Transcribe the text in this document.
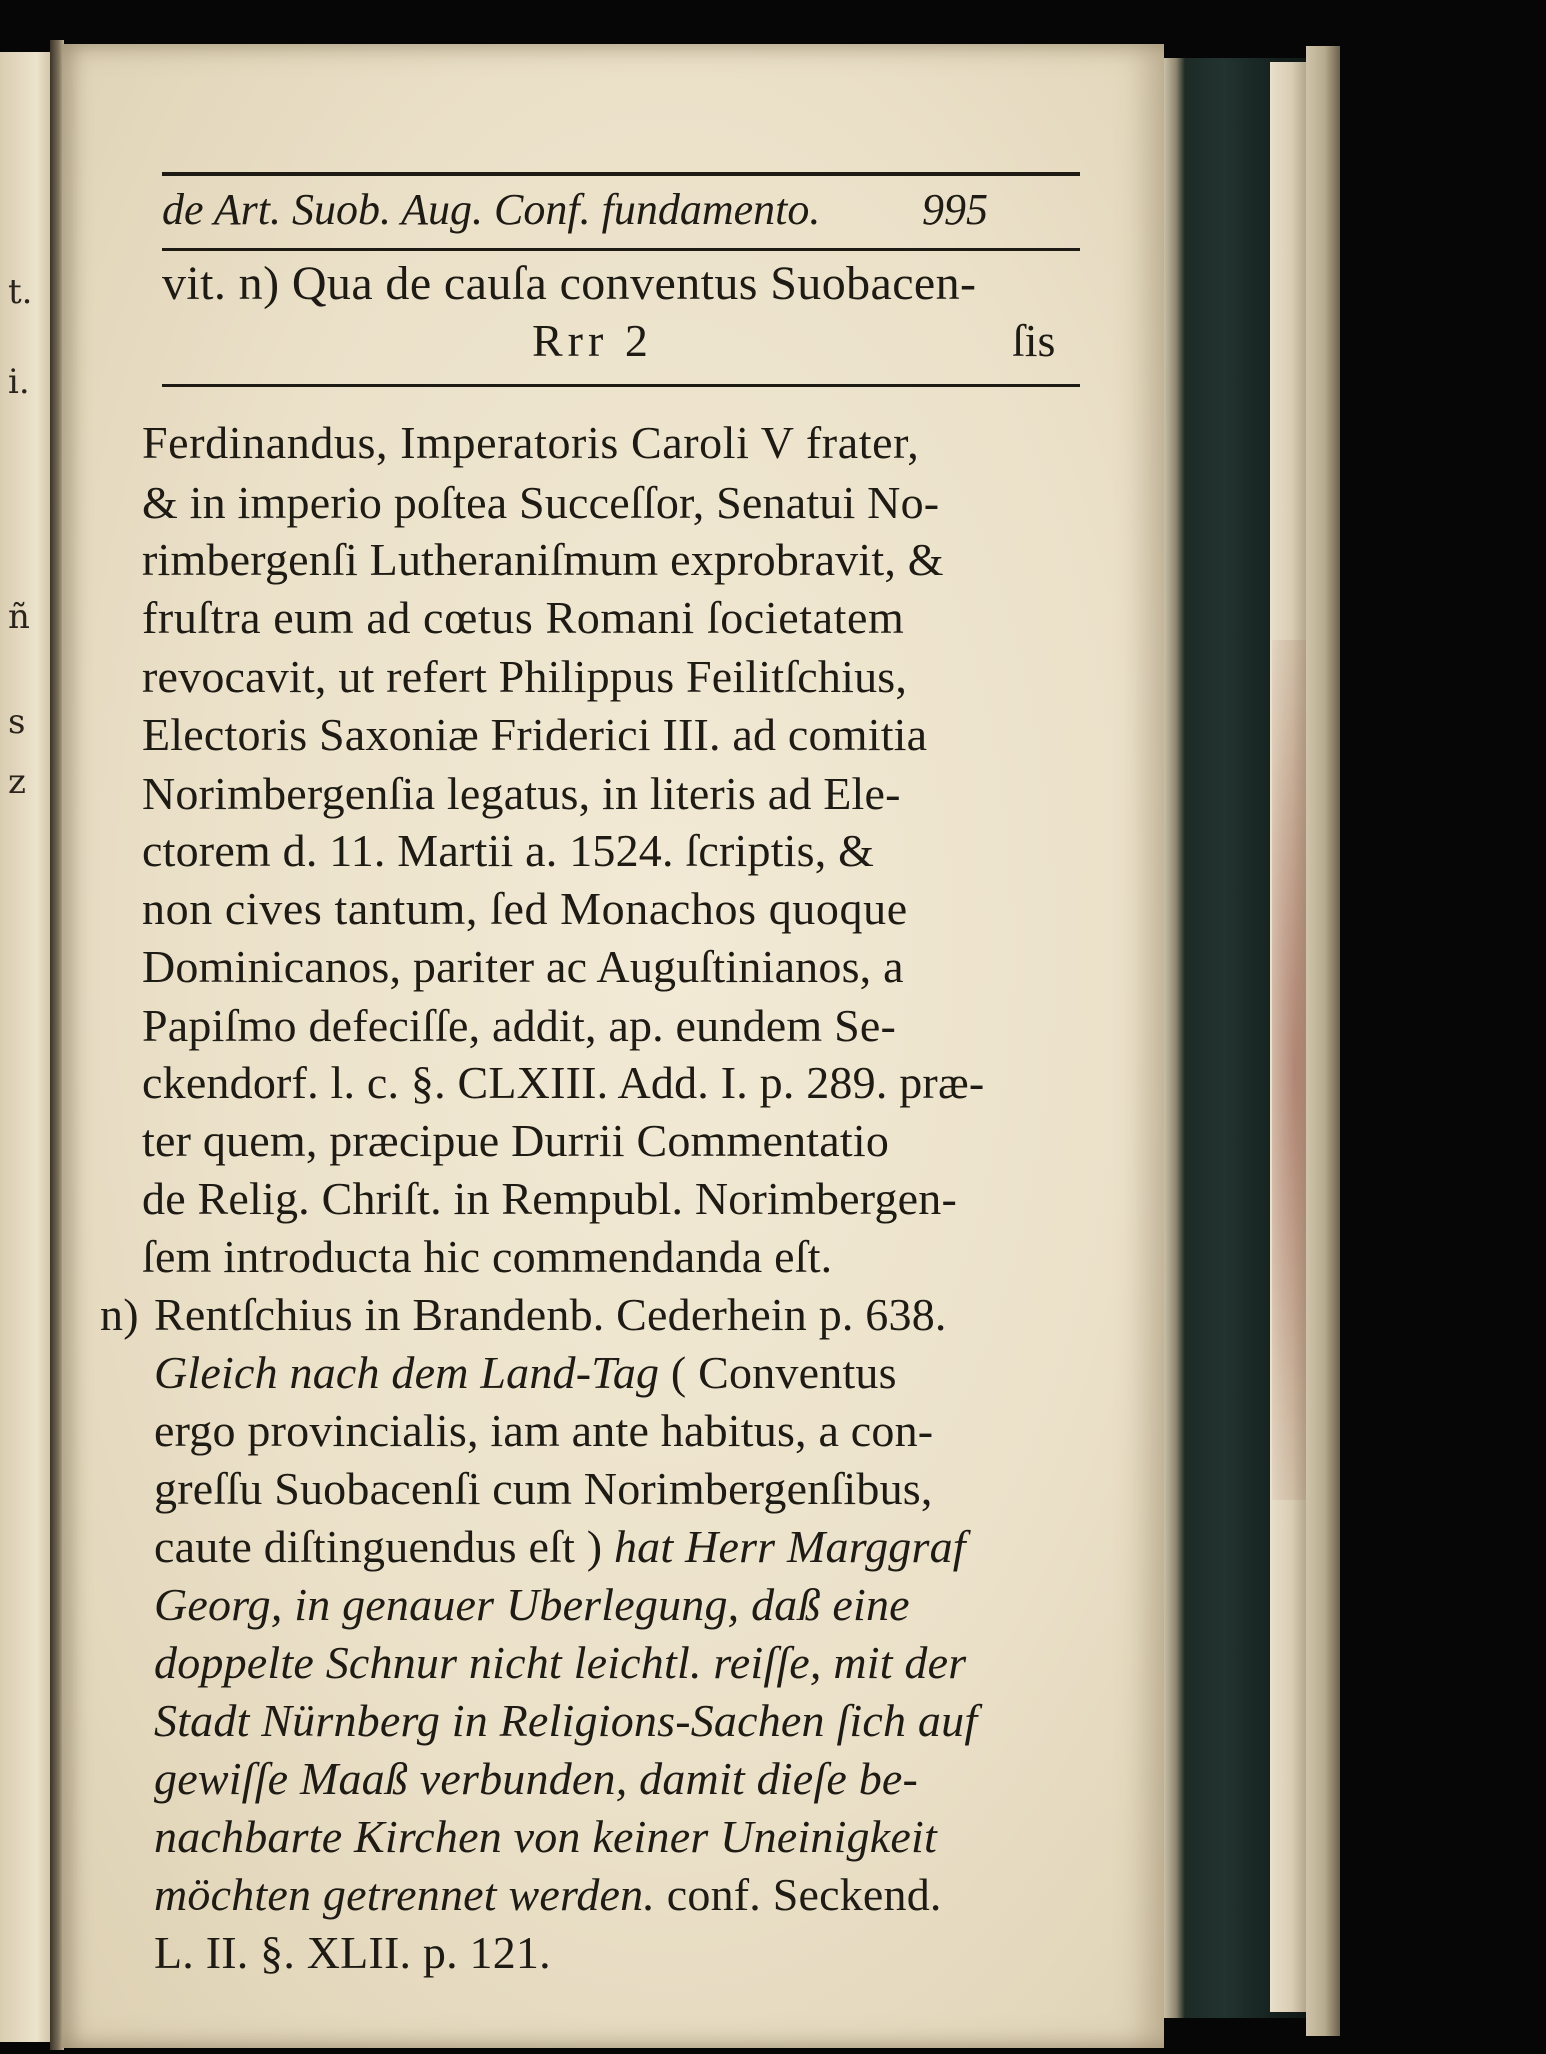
t.
i.
ñ
s
z
de Art. Suob. Aug. Conf. fundamento. 995
vit. n) Qua de cauſa conventus Suobacen-
Rrr 2	ſis
Ferdinandus, Imperatoris Caroli V frater,
& in imperio poſtea Succeſſor, Senatui No-
rimbergenſi Lutheraniſmum exprobravit, &
fruſtra eum ad cœtus Romani ſocietatem
revocavit, ut refert Philippus Feilitſchius,
Electoris Saxoniæ Friderici III. ad comitia
Norimbergenſia legatus, in literis ad Ele-
ctorem d. 11. Martii a. 1524. ſcriptis, &
non cives tantum, ſed Monachos quoque
Dominicanos, pariter ac Auguſtinianos, a
Papiſmo defeciſſe, addit, ap. eundem Se-
ckendorf. l. c. §. CLXIII. Add. I. p. 289. præ-
ter quem, præcipue Durrii Commentatio
de Relig. Chriſt. in Rempubl. Norimbergen-
ſem introducta hic commendanda eſt.
n) Rentſchius in Brandenb. Cederhein p. 638.
Gleich nach dem Land-Tag ( Conventus
ergo provincialis, iam ante habitus, a con-
greſſu Suobacenſi cum Norimbergenſibus,
caute diſtinguendus eſt ) hat Herr Marggraf
Georg, in genauer Uberlegung, daß eine
doppelte Schnur nicht leichtl. reiſſe, mit der
Stadt Nürnberg in Religions-Sachen ſich auf
gewiſſe Maaß verbunden, damit dieſe be-
nachbarte Kirchen von keiner Uneinigkeit
möchten getrennet werden. conf. Seckend.
L. II. §. XLII. p. 121.
